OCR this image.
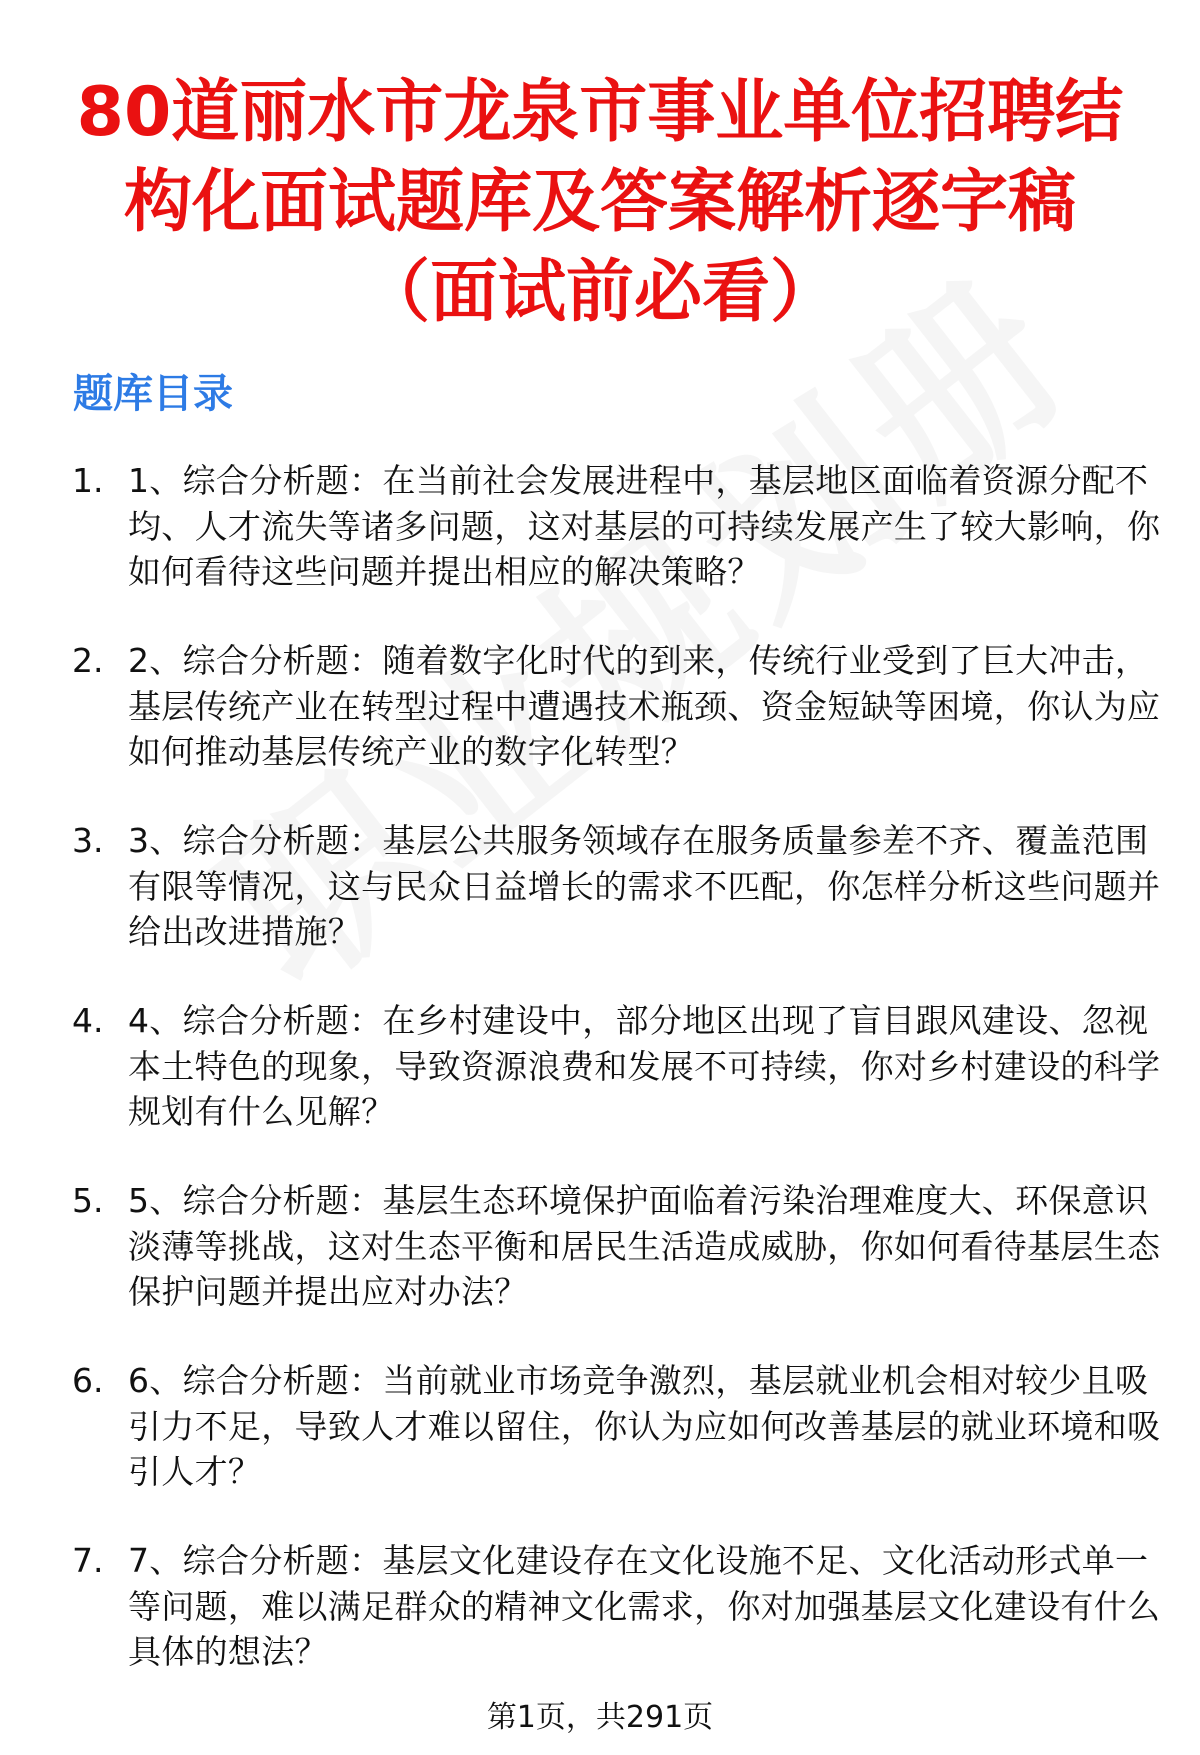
80道丽水市龙泉市事业单位招聘结构化面试题库及答案解析逐字稿（面试前必看）
题库目录
1. 1、综合分析题：在当前社会发展进程中，基层地区面临着资源分配不均、人才流失等诸多问题，这对基层的可持续发展产生了较大影响，你如何看待这些问题并提出相应的解决策略？
2. 2、综合分析题：随着数字化时代的到来，传统行业受到了巨大冲击，基层传统产业在转型过程中遭遇技术瓶颈、资金短缺等困境，你认为应如何推动基层传统产业的数字化转型？
3. 3、综合分析题：基层公共服务领域存在服务质量参差不齐、覆盖范围有限等情况，这与民众日益增长的需求不匹配，你怎样分析这些问题并给出改进措施？
4. 4、综合分析题：在乡村建设中，部分地区出现了盲目跟风建设、忽视本土特色的现象，导致资源浪费和发展不可持续，你对乡村建设的科学规划有什么见解？
5. 5、综合分析题：基层生态环境保护面临着污染治理难度大、环保意识淡薄等挑战，这对生态平衡和居民生活造成威胁，你如何看待基层生态保护问题并提出应对办法？
6. 6、综合分析题：当前就业市场竞争激烈，基层就业机会相对较少且吸引力不足，导致人才难以留住，你认为应如何改善基层的就业环境和吸引人才？
7. 7、综合分析题：基层文化建设存在文化设施不足、文化活动形式单一等问题，难以满足群众的精神文化需求，你对加强基层文化建设有什么具体的想法？
第1页，共291页
